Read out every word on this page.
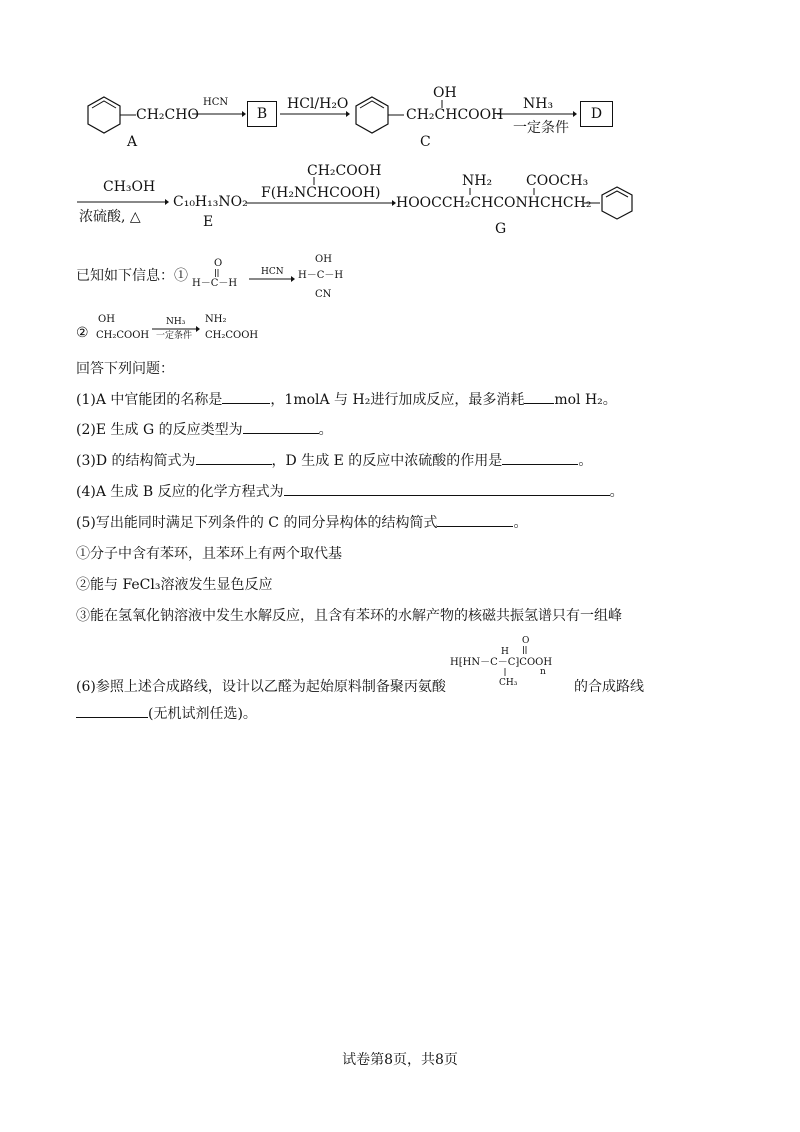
CH₂CHO
A
HCN
B
HCl/H₂O
OH
CH₂CHCOOH
C
NH₃
一定条件
D
CH₃OH
浓硫酸, △
C₁₀H₁₃NO₂
E
CH₂COOH
F(H₂NCHCOOH)
NH₂ COOCH₃
HOOCCH₂CHCONHCHCH₂
G
已知如下信息：①
O
H－C－H
HCN
OH
H－C－H
CN
②
OH
CH₂COOH
NH₃
一定条件
NH₂
CH₂COOH
回答下列问题：
(1)A 中官能团的名称是	，1molA 与 H₂进行加成反应，最多消耗 mol H₂。
(2)E 生成 G 的反应类型为	。
(3)D 的结构简式为	，D 生成 E 的反应中浓硫酸的作用是	。
(4)A 生成 B 反应的化学方程式为	。
(5)写出能同时满足下列条件的 C 的同分异构体的结构简式	。
①分子中含有苯环，且苯环上有两个取代基
②能与 FeCl₃溶液发生显色反应
③能在氢氧化钠溶液中发生水解反应，且含有苯环的水解产物的核磁共振氢谱只有一组峰
O
H
H⁅HN－C－C⁆COOH
CH₃
n
(6)参照上述合成路线，设计以乙醛为起始原料制备聚丙氨酸	的合成路线
(无机试剂任选)。
试卷第8页，共8页
